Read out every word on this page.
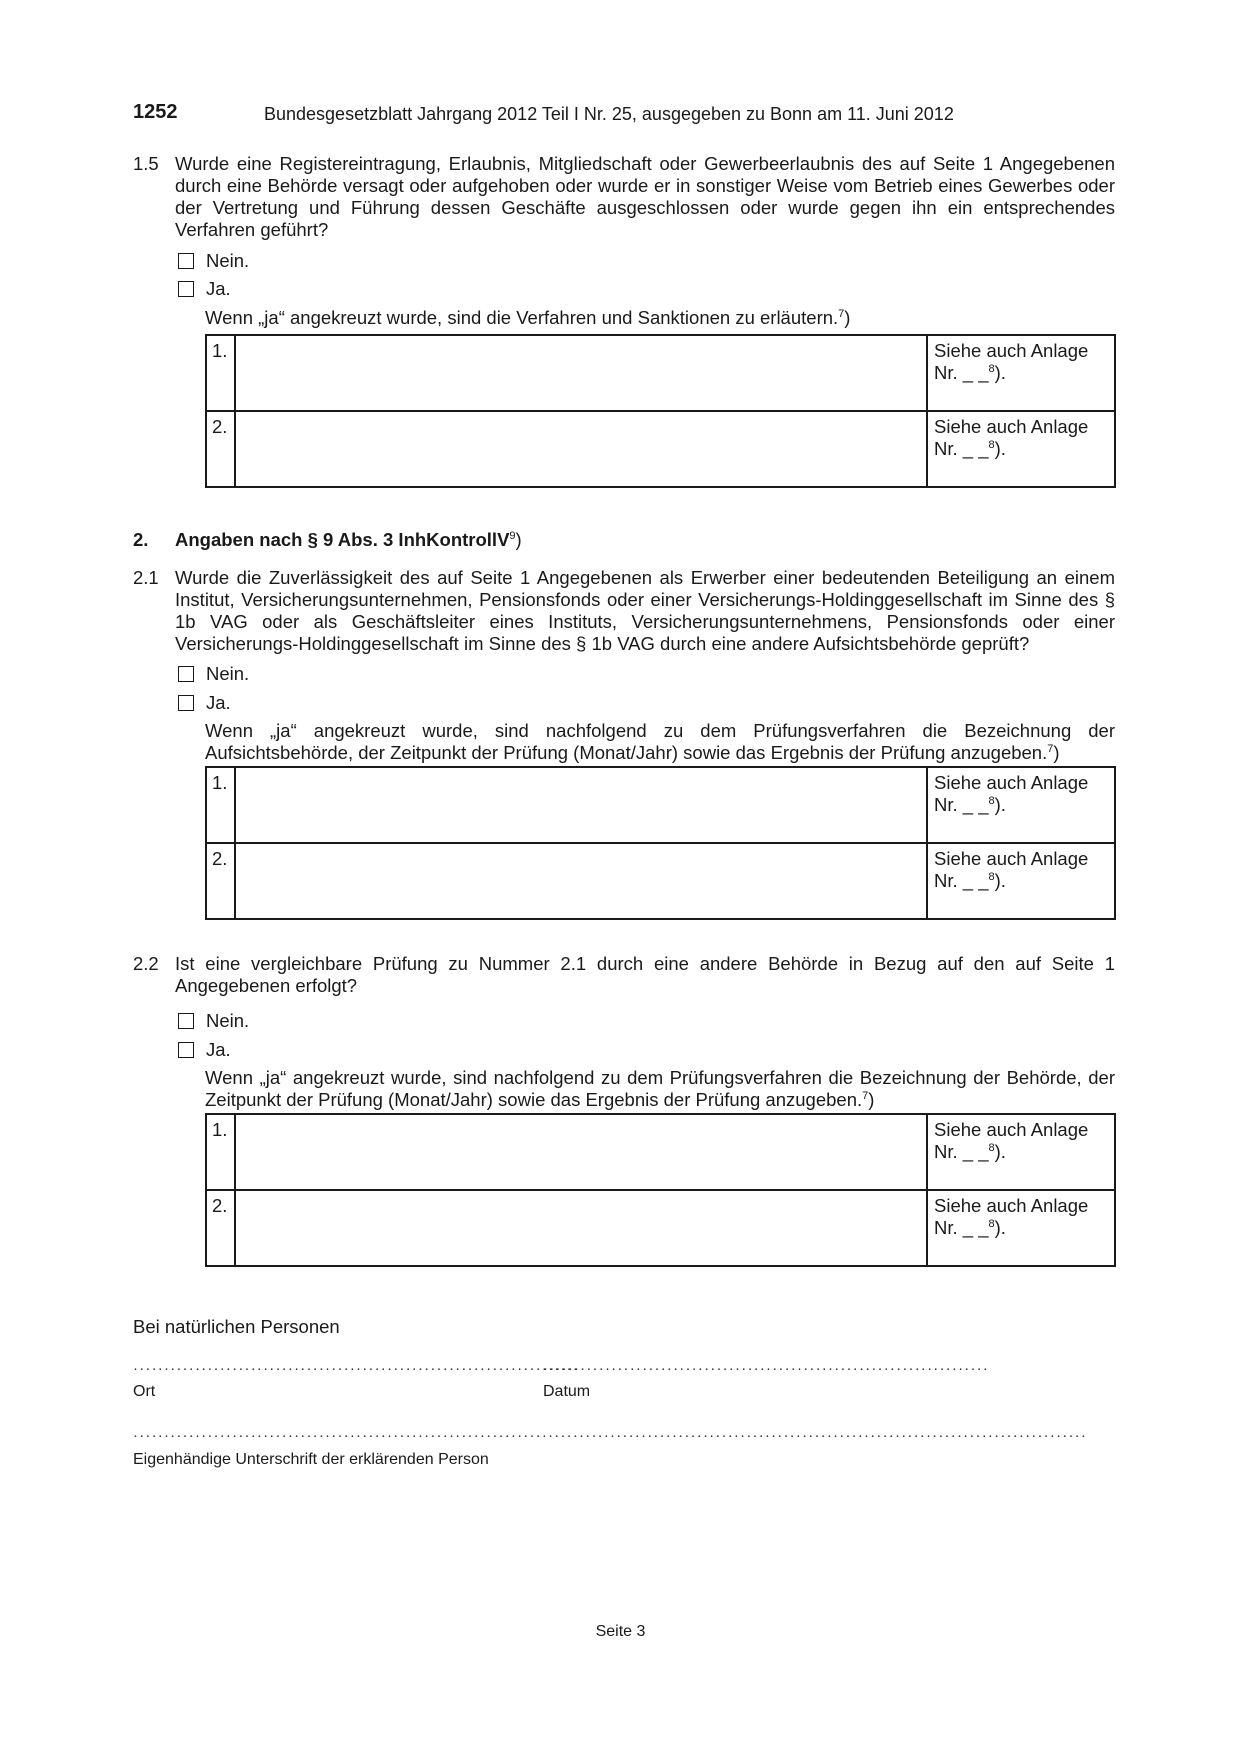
1252	Bundesgesetzblatt Jahrgang 2012 Teil I Nr. 25, ausgegeben zu Bonn am 11. Juni 2012
1.5 Wurde eine Registereintragung, Erlaubnis, Mitgliedschaft oder Gewerbeerlaubnis des auf Seite 1 Angegebenen durch eine Behörde versagt oder aufgehoben oder wurde er in sonstiger Weise vom Betrieb eines Gewerbes oder der Vertretung und Führung dessen Geschäfte ausgeschlossen oder wurde gegen ihn ein entsprechendes Verfahren geführt?
Nein.
Ja.
Wenn „ja“ angekreuzt wurde, sind die Verfahren und Sanktionen zu erläutern.$^7$)
1.		Siehe auch Anlage
Nr. _ _$^8$).
2.		Siehe auch Anlage
Nr. _ _$^8$).
2. Angaben nach § 9 Abs. 3 InhKontrollV$^9$)
2.1 Wurde die Zuverlässigkeit des auf Seite 1 Angegebenen als Erwerber einer bedeutenden Beteiligung an einem Institut, Versicherungsunternehmen, Pensionsfonds oder einer Versicherungs-Holdinggesellschaft im Sinne des § 1b VAG oder als Geschäftsleiter eines Instituts, Versicherungsunternehmens, Pensionsfonds oder einer Versicherungs-Holdinggesellschaft im Sinne des § 1b VAG durch eine andere Aufsichtsbehörde geprüft?
Nein.
Ja.
Wenn „ja“ angekreuzt wurde, sind nachfolgend zu dem Prüfungsverfahren die Bezeichnung der Aufsichtsbehörde, der Zeitpunkt der Prüfung (Monat/Jahr) sowie das Ergebnis der Prüfung anzugeben.$^7$)
1.		Siehe auch Anlage
Nr. _ _$^8$).
2.		Siehe auch Anlage
Nr. _ _$^8$).
2.2 Ist eine vergleichbare Prüfung zu Nummer 2.1 durch eine andere Behörde in Bezug auf den auf Seite 1 Angegebenen erfolgt?
Nein.
Ja.
Wenn „ja“ angekreuzt wurde, sind nachfolgend zu dem Prüfungsverfahren die Bezeichnung der Behörde, der Zeitpunkt der Prüfung (Monat/Jahr) sowie das Ergebnis der Prüfung anzugeben.$^7$)
1.		Siehe auch Anlage
Nr. _ _$^8$).
2.		Siehe auch Anlage
Nr. _ _$^8$).
Bei natürlichen Personen
········································································
Ort
········································································
Datum
··························································································································································
Eigenhändige Unterschrift der erklärenden Person
Seite 3
